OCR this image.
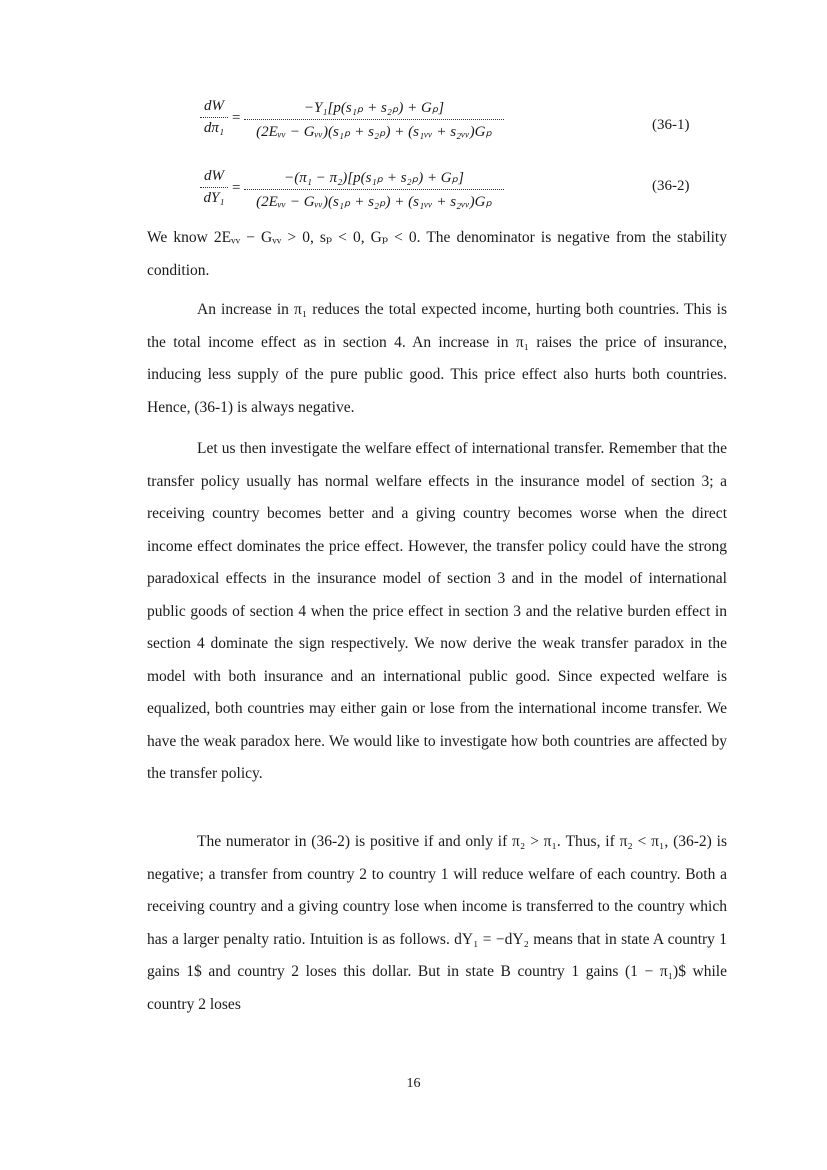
$\frac{dW}{\text{dπ₁}}$ =
−Y₁[p(s₁ₚ + s₂ₚ) + Gₚ]
(2Eᵥᵥ − Gᵥᵥ)(s₁ₚ + s₂ₚ) + (s₁ᵥᵥ + s₂ᵥᵥ)Gₚ	(36-1)
$\frac{dW}{\text{dY₁}}$ =
−(π₁ − π₂)[p(s₁ₚ + s₂ₚ) + Gₚ]
(2Eᵥᵥ − Gᵥᵥ)(s₁ₚ + s₂ₚ) + (s₁ᵥᵥ + s₂ᵥᵥ)Gₚ
(36-2)

We know 2Eᵥᵥ − Gᵥᵥ > 0, sₚ < 0, Gₚ < 0. The denominator is negative from the stability condition.

An increase in π₁ reduces the total expected income, hurting both countries. This is the total income effect as in section 4. An increase in π₁ raises the price of insurance, inducing less supply of the pure public good. This price effect also hurts both countries. Hence, (36-1) is always negative.

Let us then investigate the welfare effect of international transfer. Remember that the transfer policy usually has normal welfare effects in the insurance model of section 3; a receiving country becomes better and a giving country becomes worse when the direct income effect dominates the price effect. However, the transfer policy could have the strong paradoxical effects in the insurance model of section 3 and in the model of international public goods of section 4 when the price effect in section 3 and the relative burden effect in section 4 dominate the sign respectively. We now derive the weak transfer paradox in the model with both insurance and an international public good. Since expected welfare is equalized, both countries may either gain or lose from the international income transfer. We have the weak paradox here. We would like to investigate how both countries are affected by the transfer policy.

The numerator in (36-2) is positive if and only if π₂ > π₁. Thus, if π₂ < π₁, (36-2) is negative; a transfer from country 2 to country 1 will reduce welfare of each country. Both a receiving country and a giving country lose when income is transferred to the country which has a larger penalty ratio. Intuition is as follows. dY₁ = −dY₂ means that in state A country 1 gains 1$ and country 2 loses this dollar. But in state B country 1 gains (1 − π₁)$ while country 2 loses

16
